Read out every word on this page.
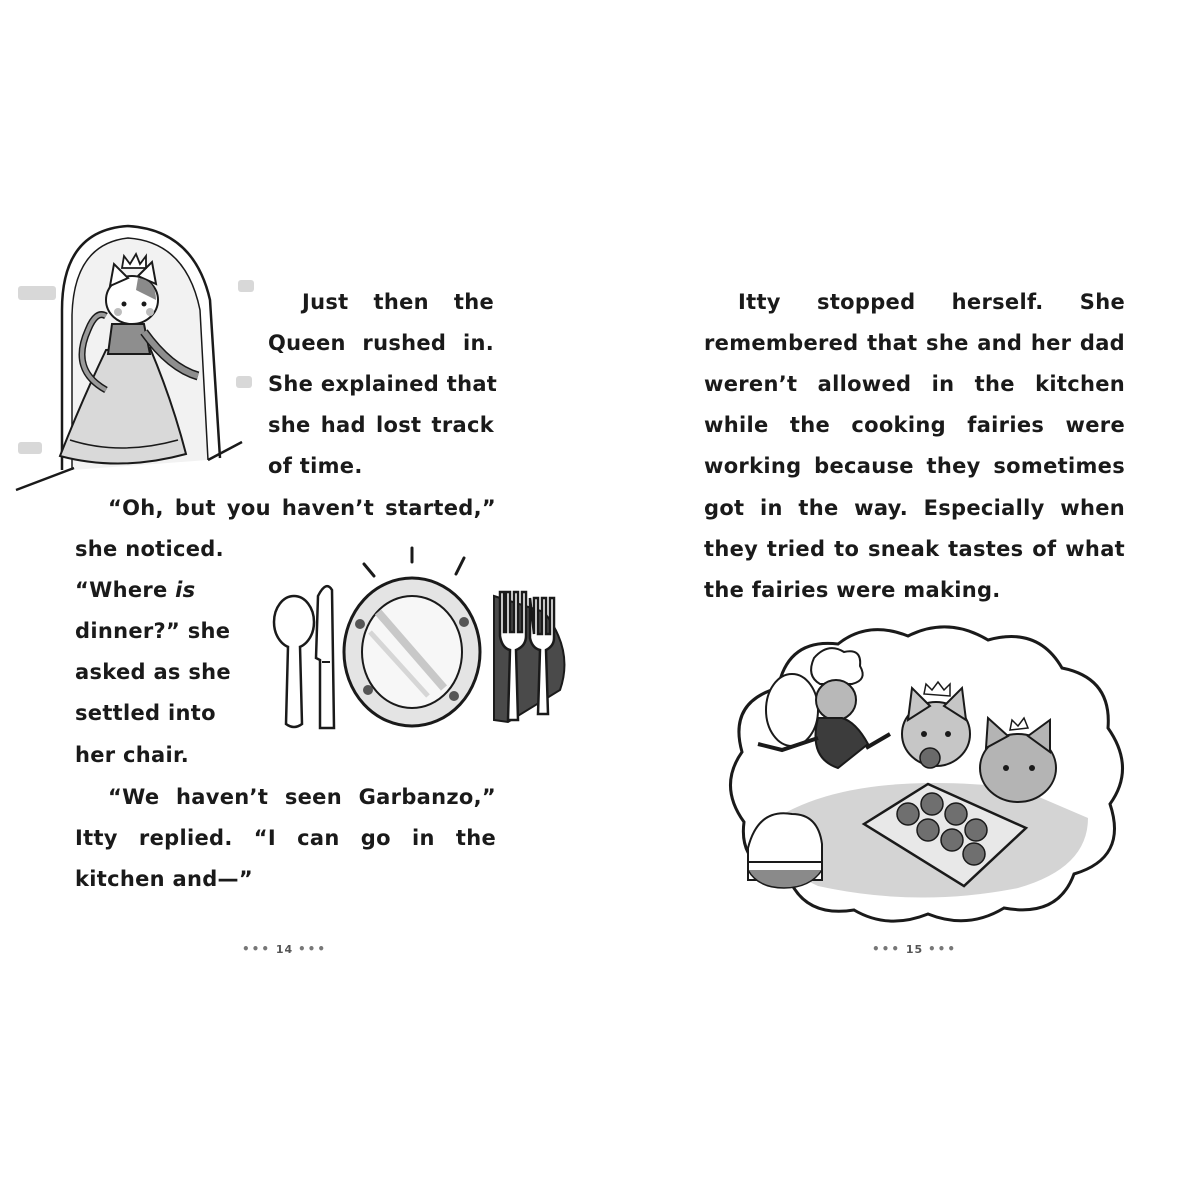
Just then the
Queen rushed in.
She explained that
she had lost track
of time.
“Oh, but you haven’t started,”
she noticed.
“Where is
dinner?” she
asked as she
settled into
her chair.
“We haven’t seen Garbanzo,”
Itty replied. “I can go in the
kitchen and—”
••• 14 •••
Itty stopped herself. She
remembered that she and her dad
weren’t allowed in the kitchen
while the cooking fairies were
working because they sometimes
got in the way. Especially when
they tried to sneak tastes of what
the fairies were making.
••• 15 •••
